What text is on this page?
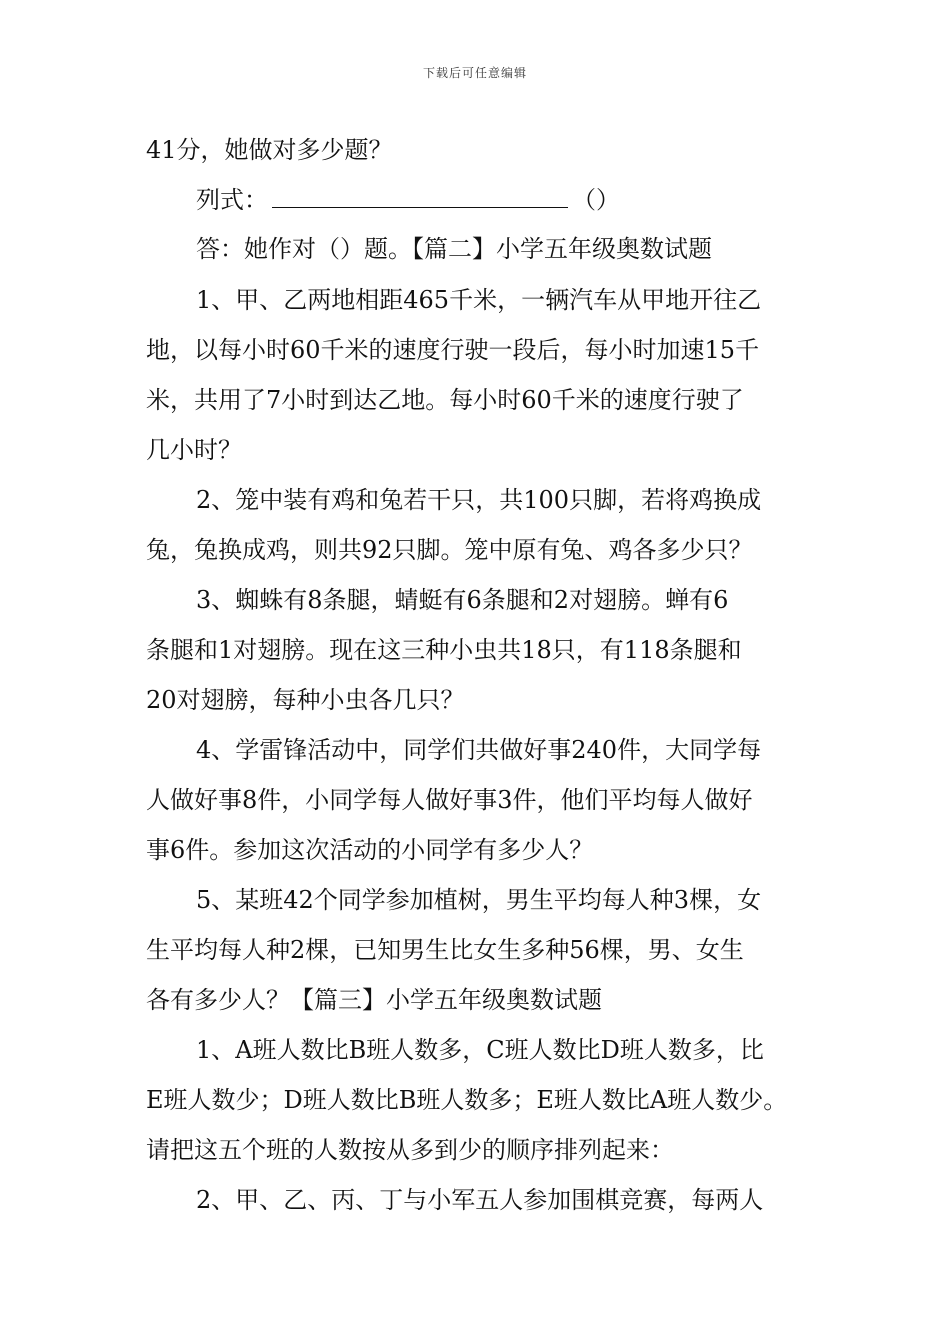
下载后可任意编辑
41分，她做对多少题？
列式：	（）
答：她作对（）题。【篇二】小学五年级奥数试题
1、甲、乙两地相距465千米，一辆汽车从甲地开往乙
地，以每小时60千米的速度行驶一段后，每小时加速15千
米，共用了7小时到达乙地。每小时60千米的速度行驶了
几小时？
2、笼中装有鸡和兔若干只，共100只脚，若将鸡换成
兔，兔换成鸡，则共92只脚。笼中原有兔、鸡各多少只？
3、蜘蛛有8条腿，蜻蜓有6条腿和2对翅膀。蝉有6
条腿和1对翅膀。现在这三种小虫共18只，有118条腿和
20对翅膀，每种小虫各几只？
4、学雷锋活动中，同学们共做好事240件，大同学每
人做好事8件，小同学每人做好事3件，他们平均每人做好
事6件。参加这次活动的小同学有多少人？
5、某班42个同学参加植树，男生平均每人种3棵，女
生平均每人种2棵，已知男生比女生多种56棵，男、女生
各有多少人？【篇三】小学五年级奥数试题
1、A班人数比B班人数多，C班人数比D班人数多，比
E班人数少；D班人数比B班人数多；E班人数比A班人数少。
请把这五个班的人数按从多到少的顺序排列起来：
2、甲、乙、丙、丁与小军五人参加围棋竞赛，每两人
